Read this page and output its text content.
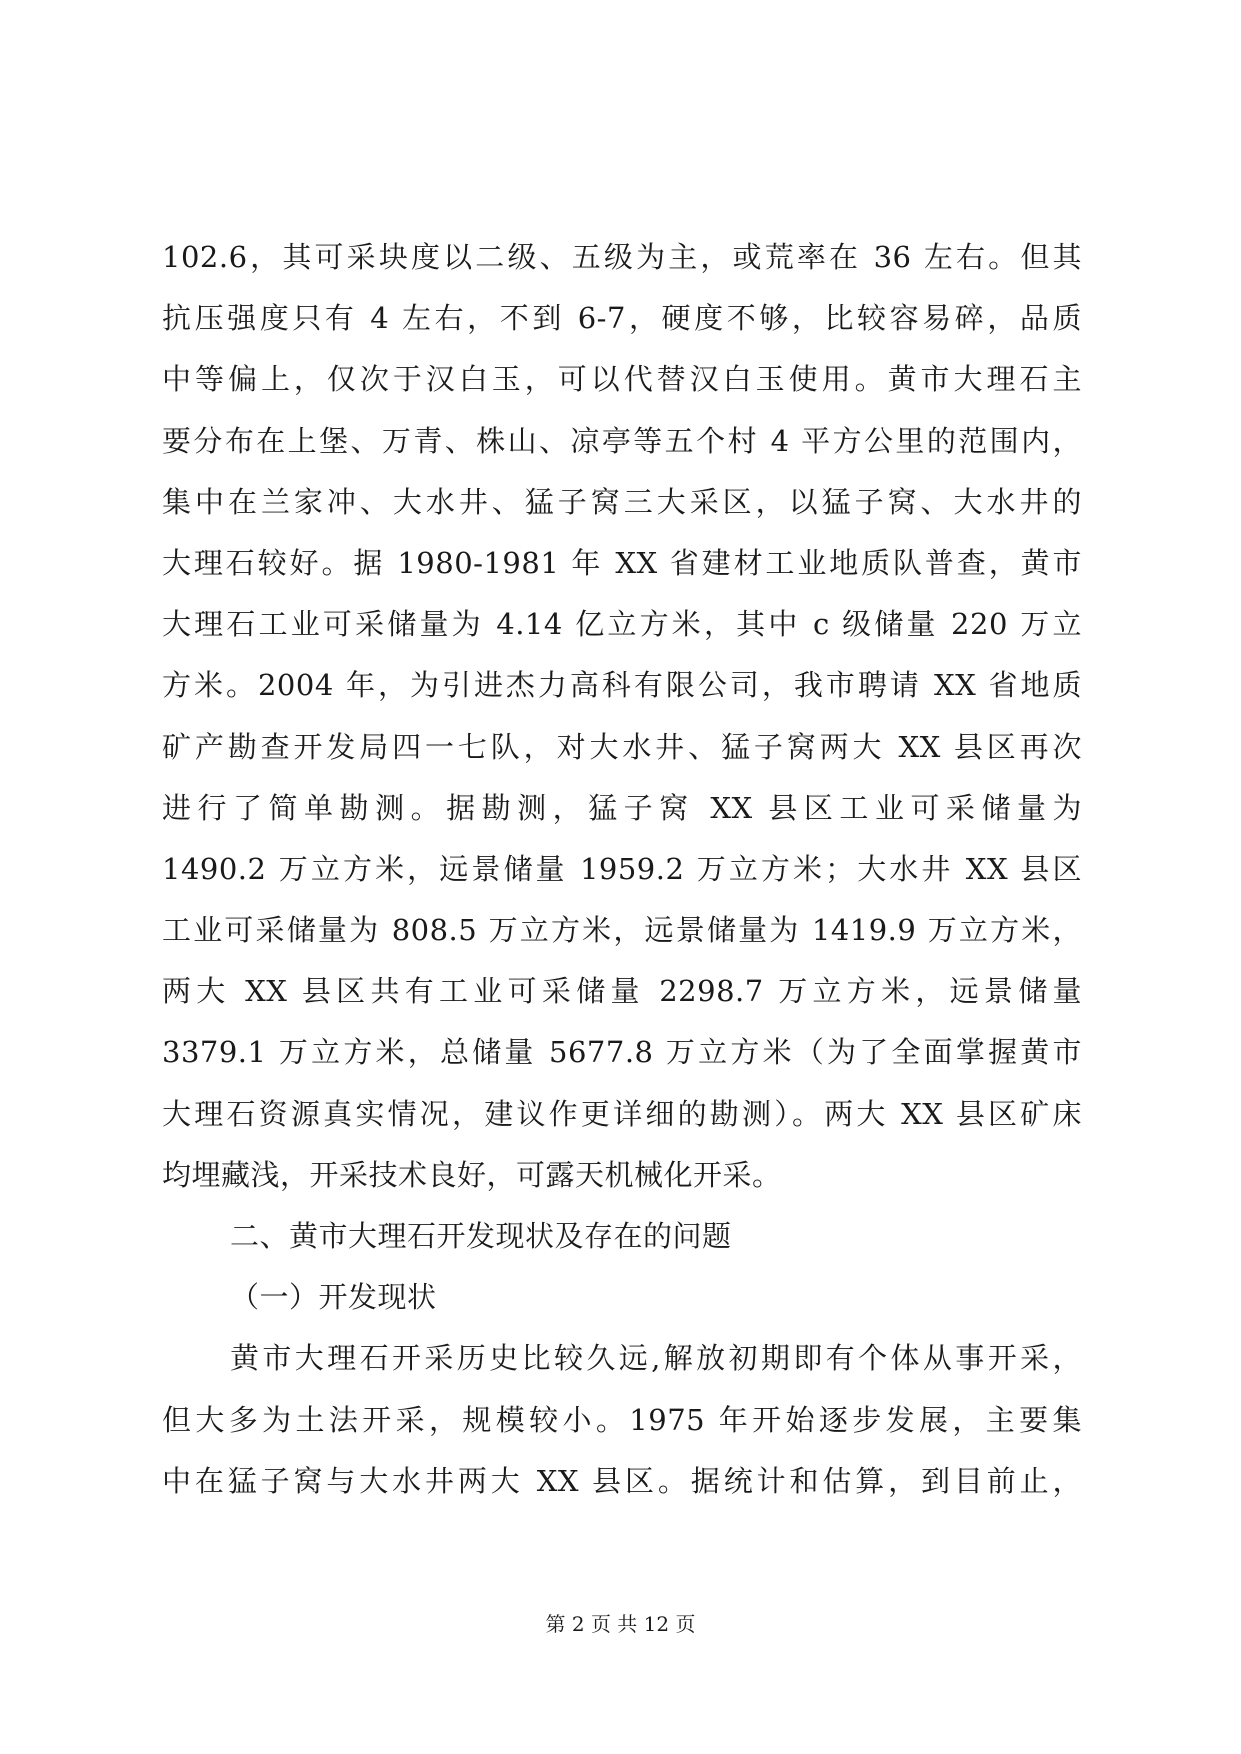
102.6，其可采块度以二级、五级为主，或荒率在 36 左右。但其
抗压强度只有 4 左右，不到 6-7，硬度不够，比较容易碎，品质
中等偏上，仅次于汉白玉，可以代替汉白玉使用。黄市大理石主
要分布在上堡、万青、株山、凉亭等五个村 4 平方公里的范围内，
集中在兰家冲、大水井、猛子窝三大采区，以猛子窝、大水井的
大理石较好。据 1980-1981 年 XX 省建材工业地质队普查，黄市
大理石工业可采储量为 4.14 亿立方米，其中 c 级储量 220 万立
方米。2004 年，为引进杰力高科有限公司，我市聘请 XX 省地质
矿产勘查开发局四一七队，对大水井、猛子窝两大 XX 县区再次
进行了简单勘测。据勘测，猛子窝 XX 县区工业可采储量为
1490.2 万立方米，远景储量 1959.2 万立方米；大水井 XX 县区
工业可采储量为 808.5 万立方米，远景储量为 1419.9 万立方米，
两大 XX 县区共有工业可采储量 2298.7 万立方米，远景储量
3379.1 万立方米，总储量 5677.8 万立方米（为了全面掌握黄市
大理石资源真实情况，建议作更详细的勘测）。两大 XX 县区矿床
均埋藏浅，开采技术良好，可露天机械化开采。
二、黄市大理石开发现状及存在的问题
（一）开发现状
黄市大理石开采历史比较久远,解放初期即有个体从事开采，
但大多为土法开采，规模较小。1975 年开始逐步发展，主要集
中在猛子窝与大水井两大 XX 县区。据统计和估算，到目前止，
第 2 页 共 12 页
